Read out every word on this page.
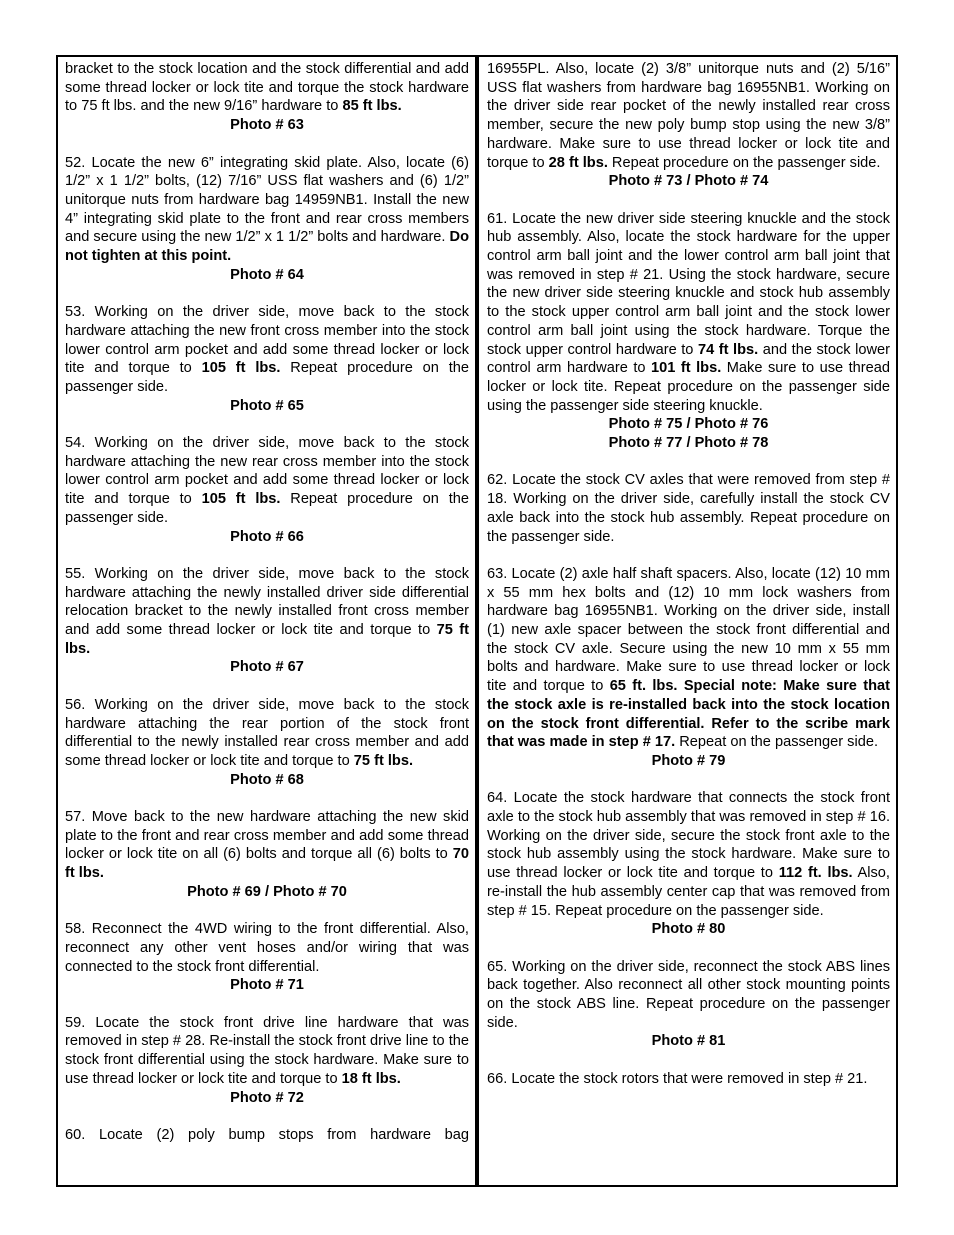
bracket to the stock location and the stock differential and add some thread locker or lock tite and torque the stock hardware to 75 ft lbs. and the new 9/16” hardware to 85 ft lbs.

Photo # 63

52. Locate the new 6” integrating skid plate. Also, locate (6) 1/2” x 1 1/2” bolts, (12) 7/16” USS flat washers and (6) 1/2” unitorque nuts from hardware bag 14959NB1. Install the new 4” integrating skid plate to the front and rear cross members and secure using the new 1/2” x 1 1/2” bolts and hardware. Do not tighten at this point.

Photo # 64

53. Working on the driver side, move back to the stock hardware attaching the new front cross member into the stock lower control arm pocket and add some thread locker or lock tite and torque to 105 ft lbs. Repeat procedure on the passenger side.

Photo # 65

54. Working on the driver side, move back to the stock hardware attaching the new rear cross member into the stock lower control arm pocket and add some thread locker or lock tite and torque to 105 ft lbs. Repeat procedure on the passenger side.

Photo # 66

55. Working on the driver side, move back to the stock hardware attaching the newly installed driver side differential relocation bracket to the newly installed front cross member and add some thread locker or lock tite and torque to 75 ft lbs.

Photo # 67

56. Working on the driver side, move back to the stock hardware attaching the rear portion of the stock front differential to the newly installed rear cross member and add some thread locker or lock tite and torque to 75 ft lbs.

Photo # 68

57. Move back to the new hardware attaching the new skid plate to the front and rear cross member and add some thread locker or lock tite on all (6) bolts and torque all (6) bolts to 70 ft lbs.

Photo # 69 / Photo # 70

58. Reconnect the 4WD wiring to the front differential. Also, reconnect any other vent hoses and/or wiring that was connected to the stock front differential.

Photo # 71

59. Locate the stock front drive line hardware that was removed in step # 28. Re-install the stock front drive line to the stock front differential using the stock hardware. Make sure to use thread locker or lock tite and torque to 18 ft lbs.

Photo # 72

60. Locate (2) poly bump stops from hardware bag

16955PL. Also, locate (2) 3/8” unitorque nuts and (2) 5/16” USS flat washers from hardware bag 16955NB1. Working on the driver side rear pocket of the newly installed rear cross member, secure the new poly bump stop using the new 3/8” hardware. Make sure to use thread locker or lock tite and torque to 28 ft lbs. Repeat procedure on the passenger side.

Photo # 73 / Photo # 74

61. Locate the new driver side steering knuckle and the stock hub assembly. Also, locate the stock hardware for the upper control arm ball joint and the lower control arm ball joint that was removed in step # 21. Using the stock hardware, secure the new driver side steering knuckle and stock hub assembly to the stock upper control arm ball joint and the stock lower control arm ball joint using the stock hardware. Torque the stock upper control hardware to 74 ft lbs. and the stock lower control arm hardware to 101 ft lbs. Make sure to use thread locker or lock tite. Repeat procedure on the passenger side using the passenger side steering knuckle.

Photo # 75 / Photo # 76

Photo # 77 / Photo # 78

62. Locate the stock CV axles that were removed from step # 18. Working on the driver side, carefully install the stock CV axle back into the stock hub assembly. Repeat procedure on the passenger side.

63. Locate (2) axle half shaft spacers. Also, locate (12) 10 mm x 55 mm hex bolts and (12) 10 mm lock washers from hardware bag 16955NB1. Working on the driver side, install (1) new axle spacer between the stock front differential and the stock CV axle. Secure using the new 10 mm x 55 mm bolts and hardware. Make sure to use thread locker or lock tite and torque to 65 ft. lbs. Special note: Make sure that the stock axle is re-installed back into the stock location on the stock front differential. Refer to the scribe mark that was made in step # 17. Repeat on the passenger side.

Photo # 79

64. Locate the stock hardware that connects the stock front axle to the stock hub assembly that was removed in step # 16. Working on the driver side, secure the stock front axle to the stock hub assembly using the stock hardware. Make sure to use thread locker or lock tite and torque to 112 ft. lbs. Also, re-install the hub assembly center cap that was removed from step # 15. Repeat procedure on the passenger side.

Photo # 80

65. Working on the driver side, reconnect the stock ABS lines back together. Also reconnect all other stock mounting points on the stock ABS line. Repeat procedure on the passenger side.

Photo # 81

66. Locate the stock rotors that were removed in step # 21.
